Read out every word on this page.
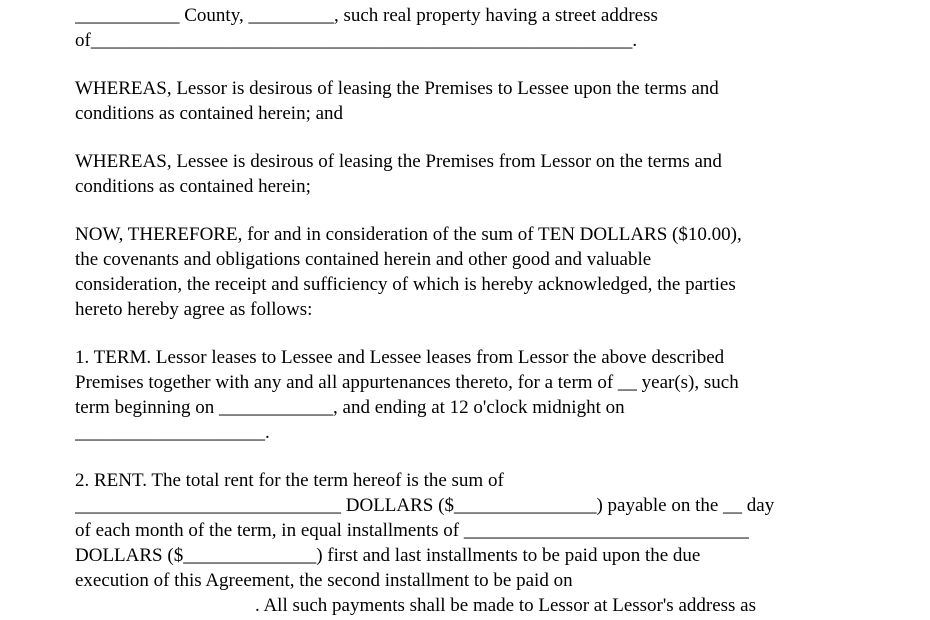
___________ County, _________, such real property having a street address
of_________________________________________________________.
WHEREAS, Lessor is desirous of leasing the Premises to Lessee upon the terms and
conditions as contained herein; and
WHEREAS, Lessee is desirous of leasing the Premises from Lessor on the terms and
conditions as contained herein;
NOW, THEREFORE, for and in consideration of the sum of TEN DOLLARS ($10.00),
the covenants and obligations contained herein and other good and valuable
consideration, the receipt and sufficiency of which is hereby acknowledged, the parties
hereto hereby agree as follows:
1. TERM. Lessor leases to Lessee and Lessee leases from Lessor the above described
Premises together with any and all appurtenances thereto, for a term of __ year(s), such
term beginning on ____________, and ending at 12 o'clock midnight on
____________________.
2. RENT. The total rent for the term hereof is the sum of
____________________________ DOLLARS ($_______________) payable on the __ day
of each month of the term, in equal installments of ______________________________
DOLLARS ($______________) first and last installments to be paid upon the due
execution of this Agreement, the second installment to be paid on
. All such payments shall be made to Lessor at Lessor's address as
